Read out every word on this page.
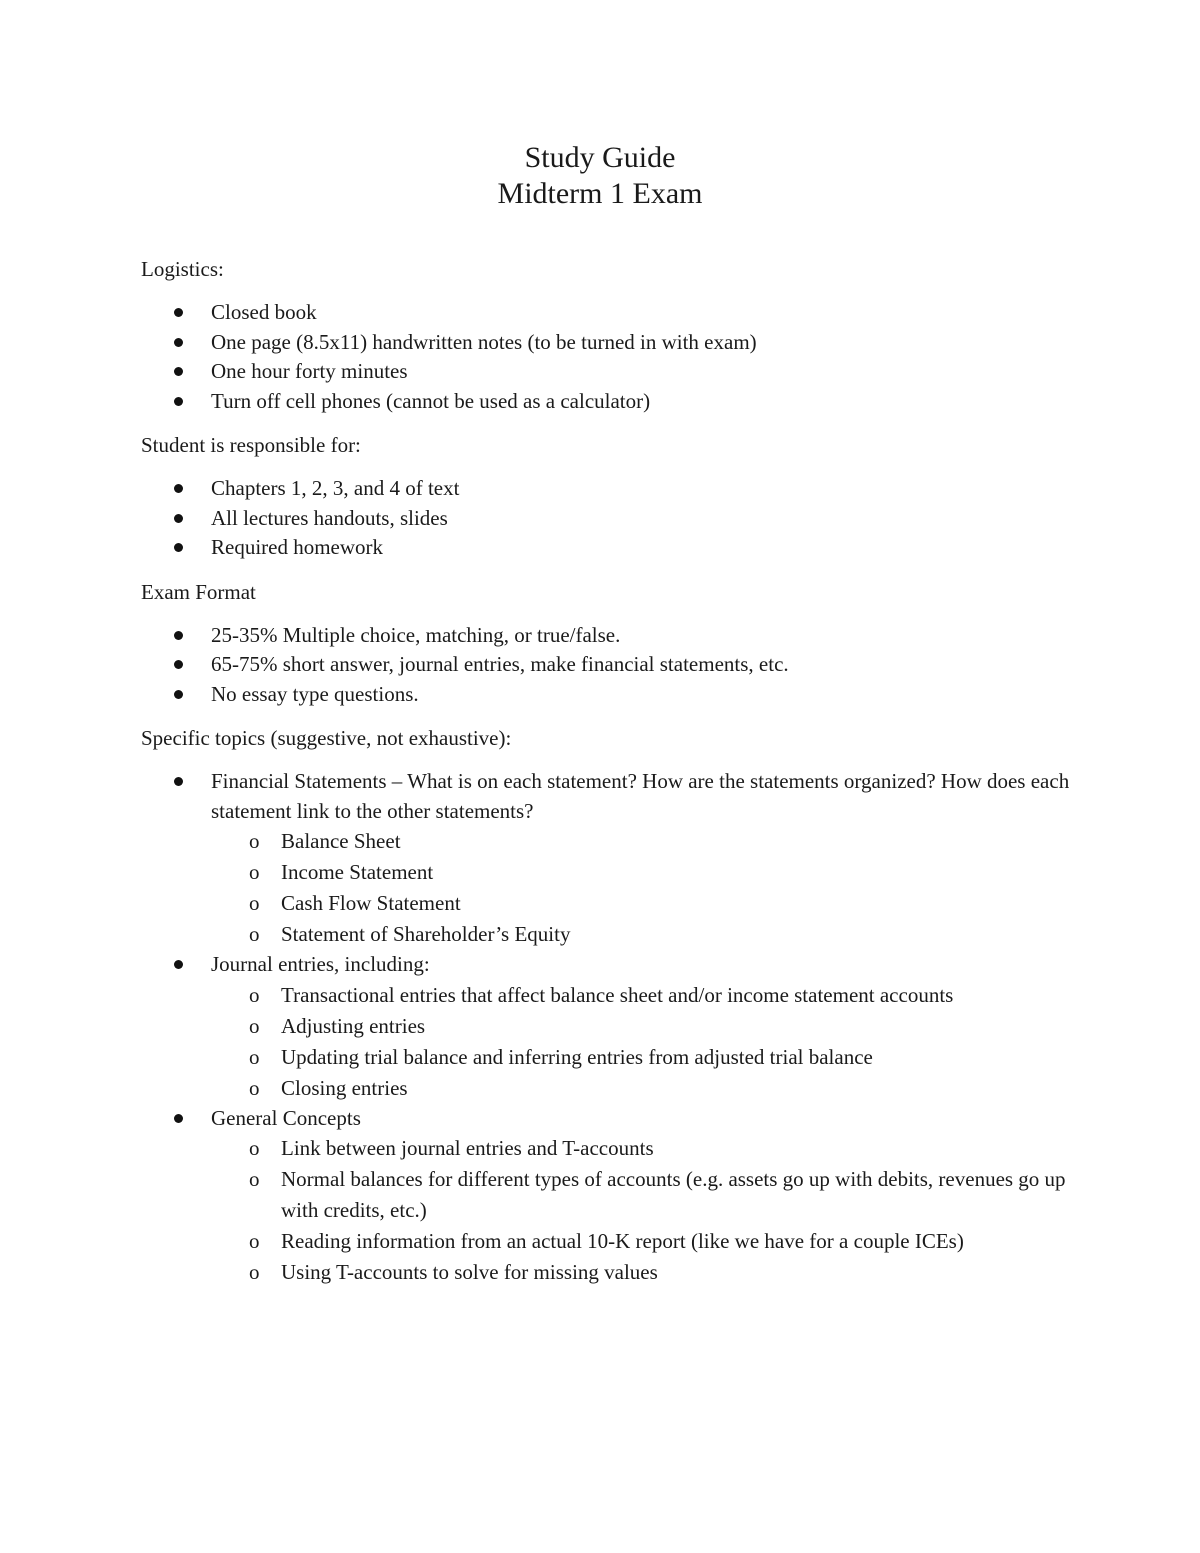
Study Guide
Midterm 1 Exam
Logistics:
Closed book
One page (8.5x11) handwritten notes (to be turned in with exam)
One hour forty minutes
Turn off cell phones (cannot be used as a calculator)
Student is responsible for:
Chapters 1, 2, 3, and 4 of text
All lectures handouts, slides
Required homework
Exam Format
25-35% Multiple choice, matching, or true/false.
65-75% short answer, journal entries, make financial statements, etc.
No essay type questions.
Specific topics (suggestive, not exhaustive):
Financial Statements – What is on each statement? How are the statements organized? How does each statement link to the other statements?
o Balance Sheet
o Income Statement
o Cash Flow Statement
o Statement of Shareholder’s Equity
Journal entries, including:
o Transactional entries that affect balance sheet and/or income statement accounts
o Adjusting entries
o Updating trial balance and inferring entries from adjusted trial balance
o Closing entries
General Concepts
o Link between journal entries and T-accounts
o Normal balances for different types of accounts (e.g. assets go up with debits, revenues go up with credits, etc.)
o Reading information from an actual 10-K report (like we have for a couple ICEs)
o Using T-accounts to solve for missing values
